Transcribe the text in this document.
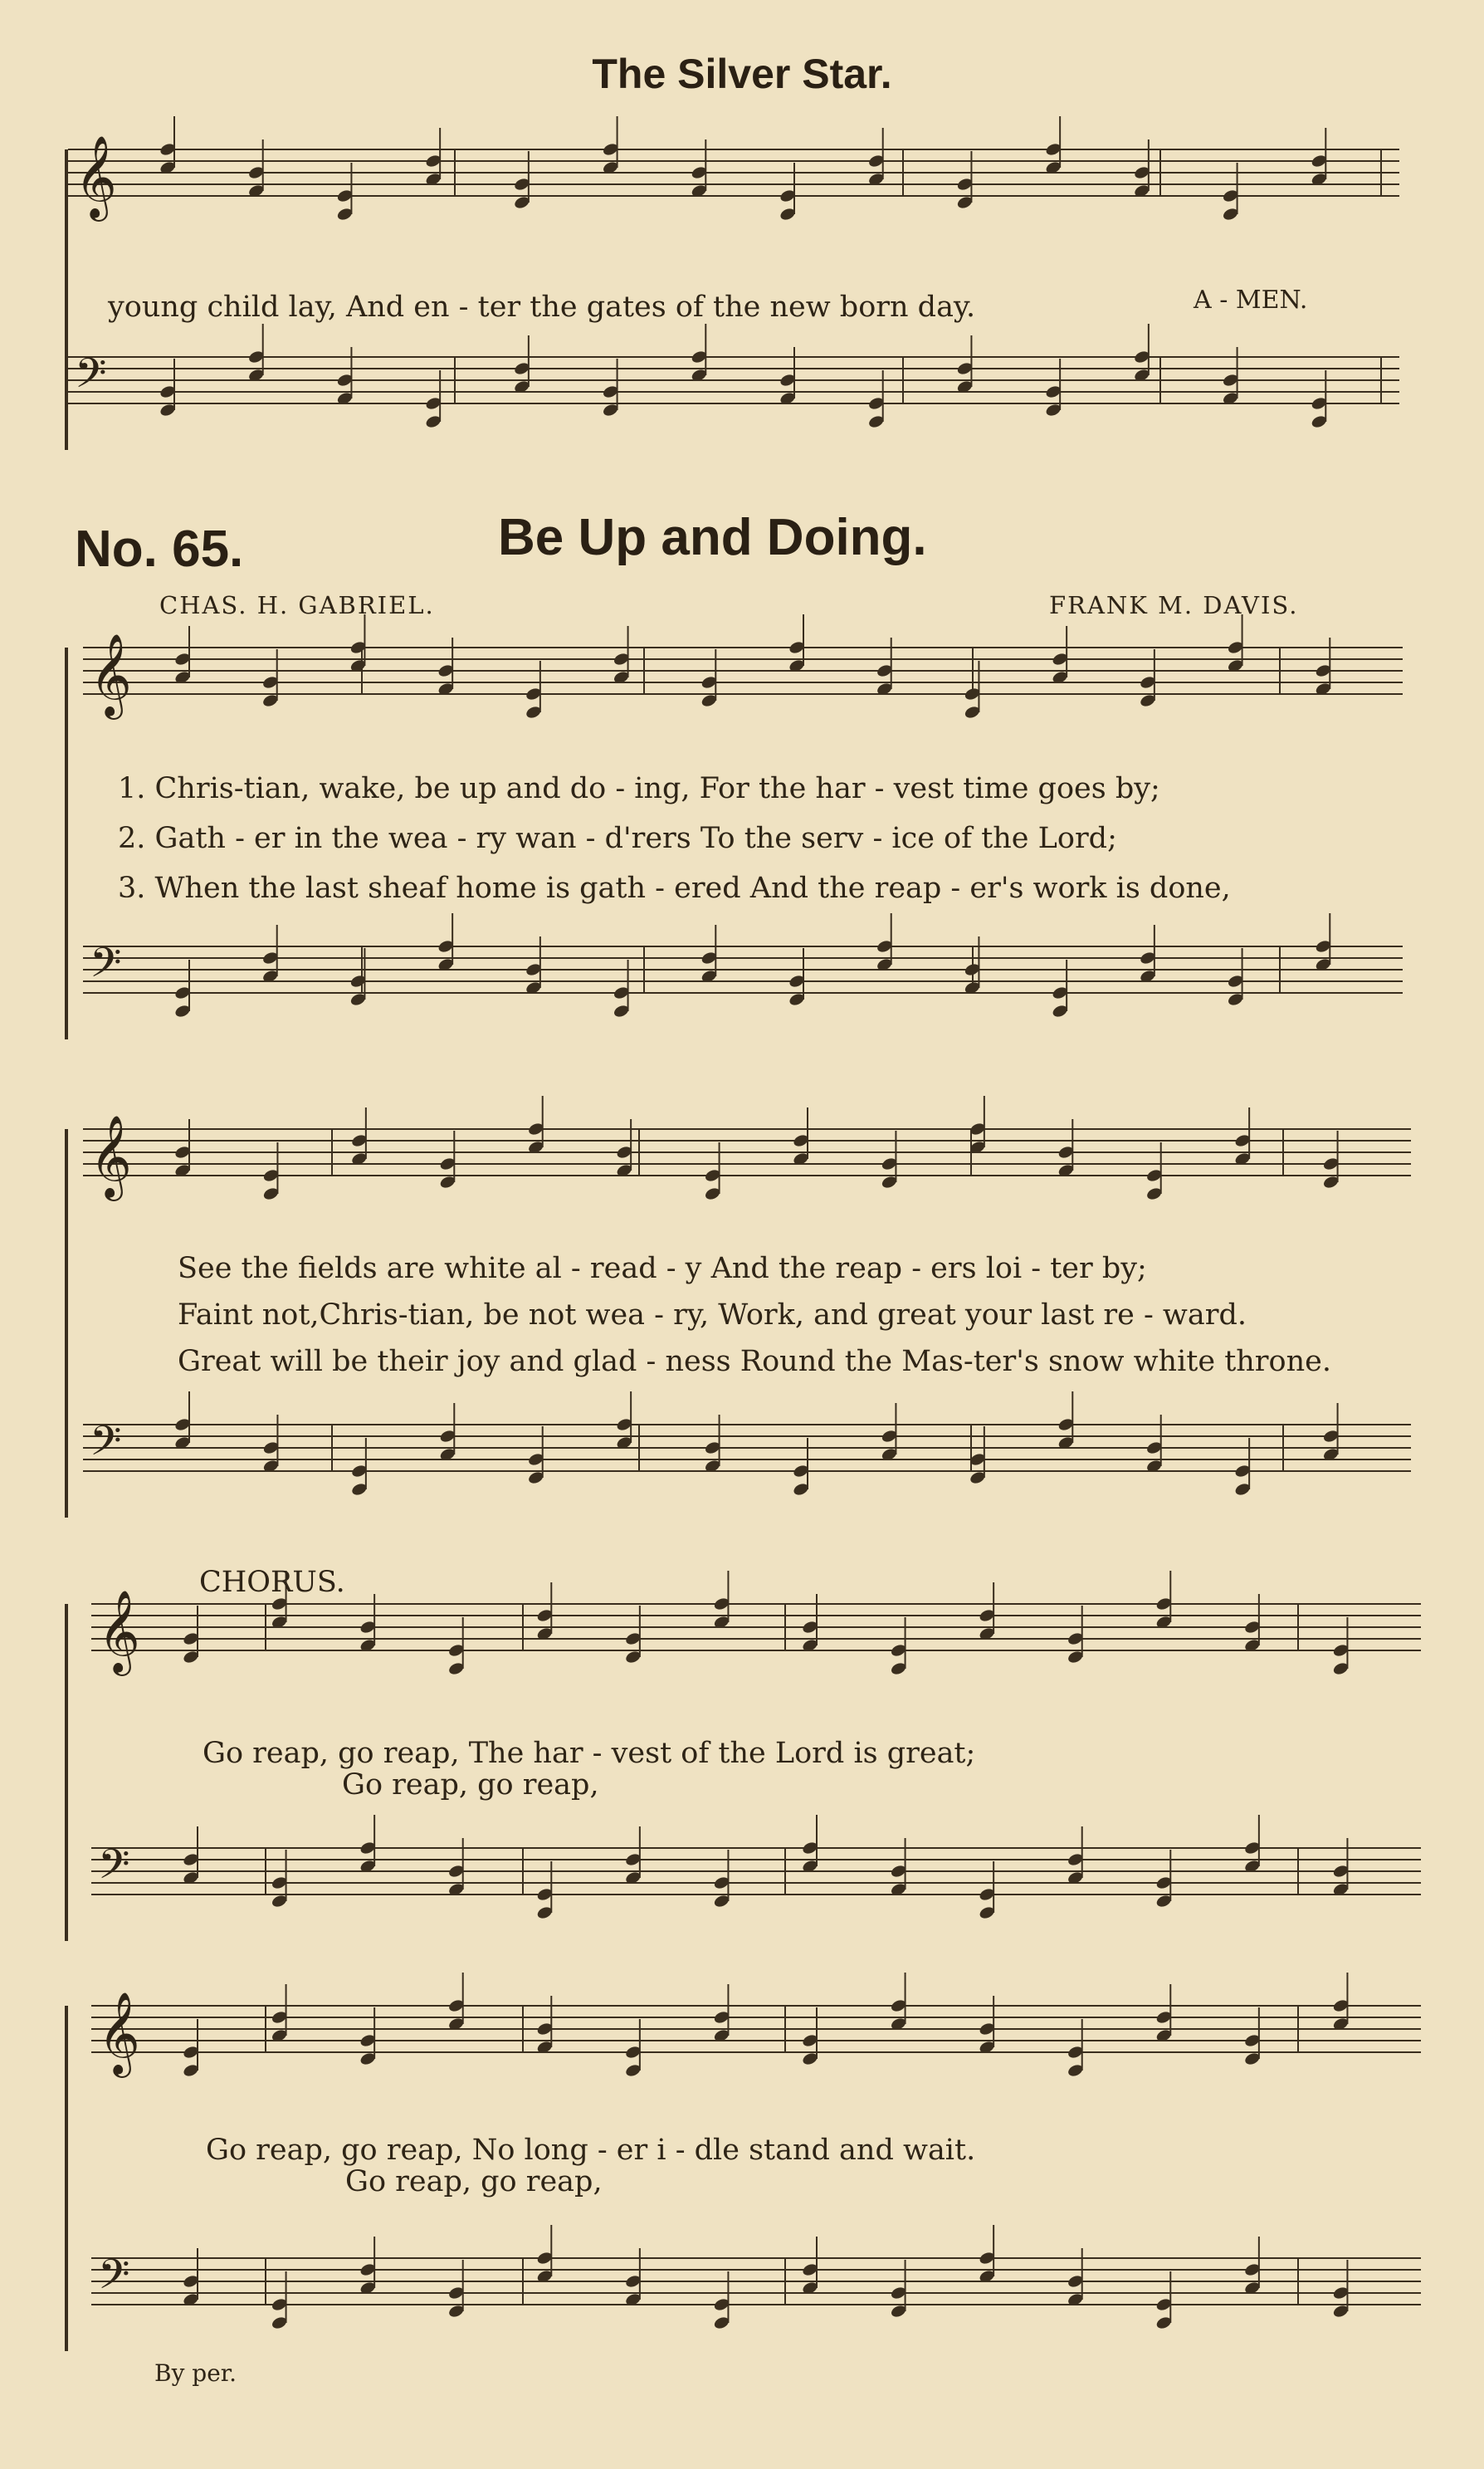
The Silver Star.
𝄞
𝄢
𝄞
𝄢
𝄞
𝄢
𝄞
𝄢
𝄞
𝄢
young child lay, And en - ter the gates of the new born day.	A - MEN.
No. 65.	Be Up and Doing.
CHAS. H. GABRIEL.	FRANK M. DAVIS.
1. Chris-tian, wake, be up and do - ing, For the har - vest time goes by;
2. Gath - er in the wea - ry wan - d'rers To the serv - ice of the Lord;
3. When the last sheaf home is gath - ered And the reap - er's work is done,
See the fields are white al - read - y And the reap - ers loi - ter by;
Faint not,Chris-tian, be not wea - ry, Work, and great your last re - ward.
Great will be their joy and glad - ness Round the Mas-ter's snow white throne.
CHORUS.
Go reap, go reap, The har - vest of the Lord is great;
Go reap, go reap,
Go reap, go reap, No long - er i - dle stand and wait.
Go reap, go reap,
By per.
